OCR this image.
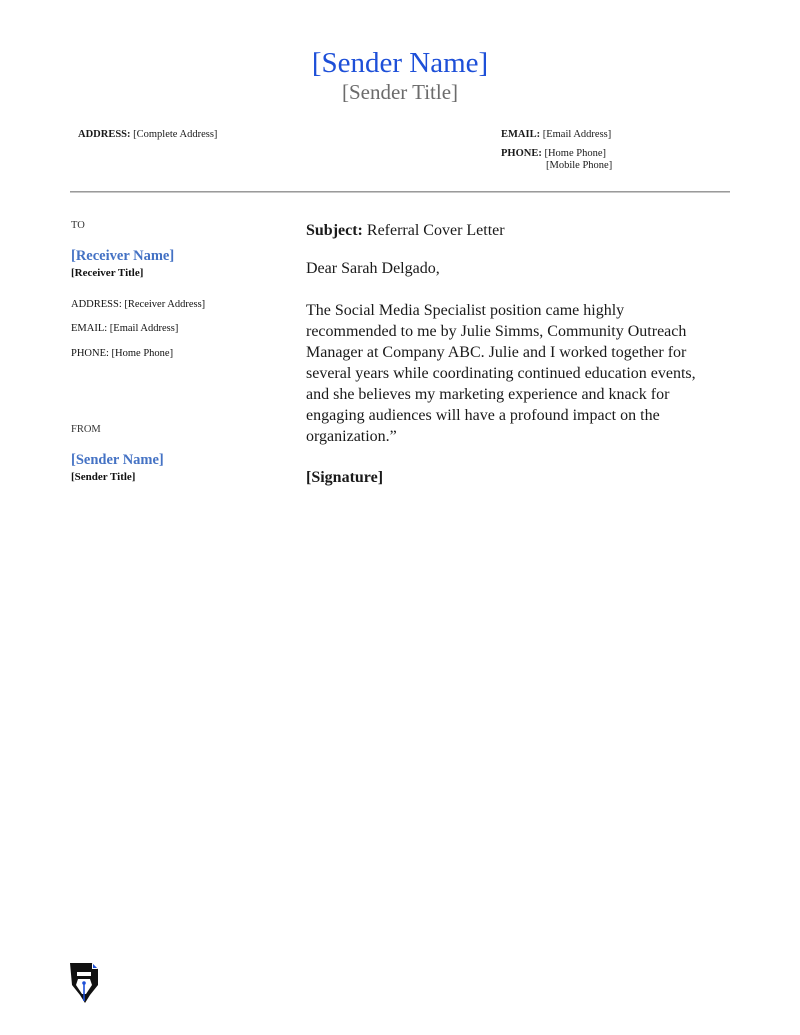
[Sender Name]
[Sender Title]
ADDRESS: [Complete Address]	EMAIL: [Email Address]
PHONE: [Home Phone]
[Mobile Phone]
TO
[Receiver Name]
[Receiver Title]
ADDRESS: [Receiver Address]
EMAIL: [Email Address]
PHONE: [Home Phone]
FROM
[Sender Name]
[Sender Title]
Subject: Referral Cover Letter
Dear Sarah Delgado,
The Social Media Specialist position came highly
recommended to me by Julie Simms, Community Outreach
Manager at Company ABC. Julie and I worked together for
several years while coordinating continued education events,
and she believes my marketing experience and knack for
engaging audiences will have a profound impact on the
organization.”
[Signature]
